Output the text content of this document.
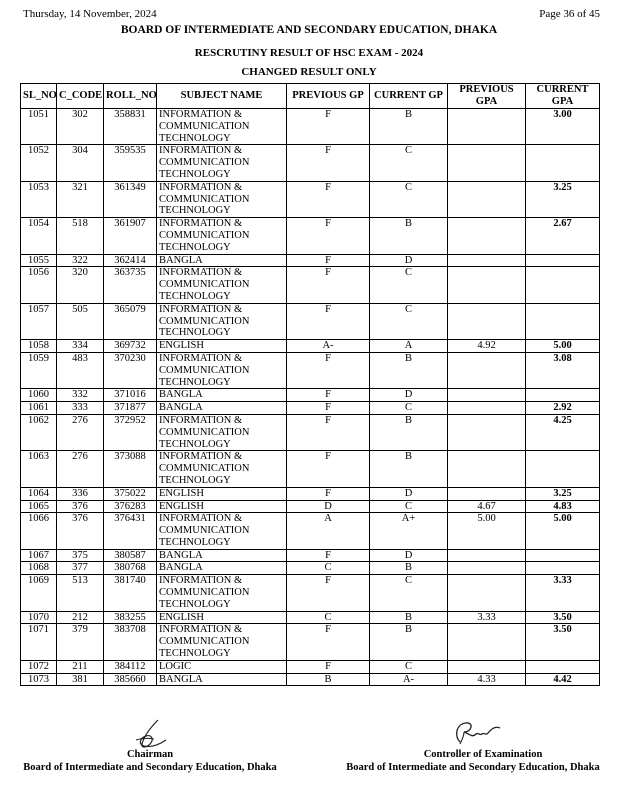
Thursday, 14 November, 2024	Page 36 of 45
BOARD OF INTERMEDIATE AND SECONDARY EDUCATION, DHAKA
RESCRUTINY RESULT OF HSC EXAM - 2024
CHANGED RESULT ONLY
SL_NO	C_CODE	ROLL_NO	SUBJECT NAME	PREVIOUS GP	CURRENT GP	PREVIOUS GPA	CURRENT GPA
1051	302	358831	INFORMATION & COMMUNICATION TECHNOLOGY	F	B		3.00
1052	304	359535	INFORMATION & COMMUNICATION TECHNOLOGY	F	C		
1053	321	361349	INFORMATION & COMMUNICATION TECHNOLOGY	F	C		3.25
1054	518	361907	INFORMATION & COMMUNICATION TECHNOLOGY	F	B		2.67
1055	322	362414	BANGLA	F	D		
1056	320	363735	INFORMATION & COMMUNICATION TECHNOLOGY	F	C		
1057	505	365079	INFORMATION & COMMUNICATION TECHNOLOGY	F	C		
1058	334	369732	ENGLISH	A-	A	4.92	5.00
1059	483	370230	INFORMATION & COMMUNICATION TECHNOLOGY	F	B		3.08
1060	332	371016	BANGLA	F	D		
1061	333	371877	BANGLA	F	C		2.92
1062	276	372952	INFORMATION & COMMUNICATION TECHNOLOGY	F	B		4.25
1063	276	373088	INFORMATION & COMMUNICATION TECHNOLOGY	F	B		
1064	336	375022	ENGLISH	F	D		3.25
1065	376	376283	ENGLISH	D	C	4.67	4.83
1066	376	376431	INFORMATION & COMMUNICATION TECHNOLOGY	A	A+	5.00	5.00
1067	375	380587	BANGLA	F	D		
1068	377	380768	BANGLA	C	B		
1069	513	381740	INFORMATION & COMMUNICATION TECHNOLOGY	F	C		3.33
1070	212	383255	ENGLISH	C	B	3.33	3.50
1071	379	383708	INFORMATION & COMMUNICATION TECHNOLOGY	F	B		3.50
1072	211	384112	LOGIC	F	C		
1073	381	385660	BANGLA	B	A-	4.33	4.42
Chairman
Board of Intermediate and Secondary Education, Dhaka
Controller of Examination
Board of Intermediate and Secondary Education, Dhaka
